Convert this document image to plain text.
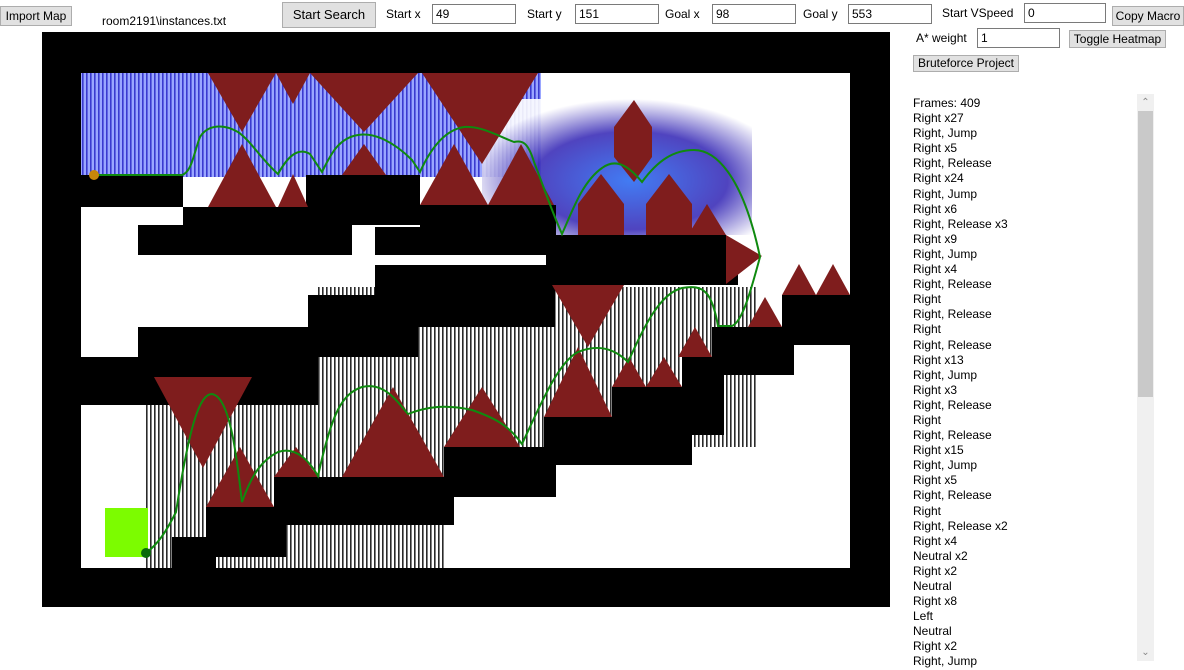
Import Map	room2191\instances.txt	Start Search	Start x	49	Start y	151	Goal x	98	Goal y	553	Start VSpeed	0	Copy Macro
A* weight	1	Toggle Heatmap
Bruteforce Project
Frames: 409
Right x27
Right, Jump
Right x5
Right, Release
Right x24
Right, Jump
Right x6
Right, Release x3
Right x9
Right, Jump
Right x4
Right, Release
Right
Right, Release
Right
Right, Release
Right x13
Right, Jump
Right x3
Right, Release
Right
Right, Release
Right x15
Right, Jump
Right x5
Right, Release
Right
Right, Release x2
Right x4
Neutral x2
Right x2
Neutral
Right x8
Left
Neutral
Right x2
Right, Jump
⌃
⌄
